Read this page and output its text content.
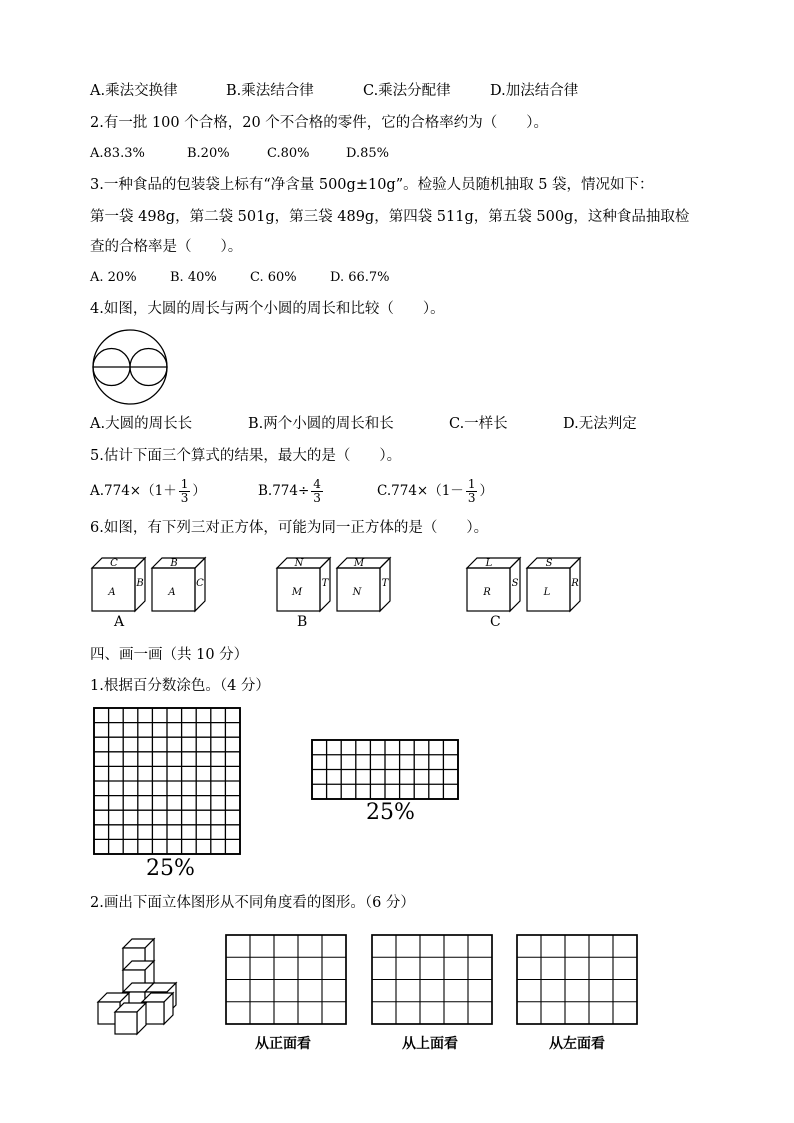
A.乘法交换律	B.乘法结合律	C.乘法分配律	D.加法结合律
2.有一批 100 个合格，20 个不合格的零件，它的合格率约为（　　）。
A.83.3%	B.20%	C.80%	D.85%
3.一种食品的包装袋上标有“净含量 500g±10g”。检验人员随机抽取 5 袋，情况如下：
第一袋 498g，第二袋 501g，第三袋 489g，第四袋 511g，第五袋 500g，这种食品抽取检
查的合格率是（　　）。
A. 20%	B. 40%	C. 60%	D. 66.7%
4.如图，大圆的周长与两个小圆的周长和比较（　　）。
A.大圆的周长长	B.两个小圆的周长和长	C.一样长	D.无法判定
5.估计下面三个算式的结果，最大的是（　　）。
$A.774\times(1+ \frac{1}{3}$ ）	$B.774\div \frac{4}{3}$	$C.774\times(1- \frac{1}{3}$ ）
6.如图，有下列三对正方体，可能为同一正方体的是（　　）。
C
A
B
B
A
C
N
M
T
M
N
T
L
R
S
S
L
R
A	B	C
四、画一画（共 10 分）
1.根据百分数涂色。（4 分）
25%
25%
2.画出下面立体图形从不同角度看的图形。（6 分）
从正面看	从上面看	从左面看
